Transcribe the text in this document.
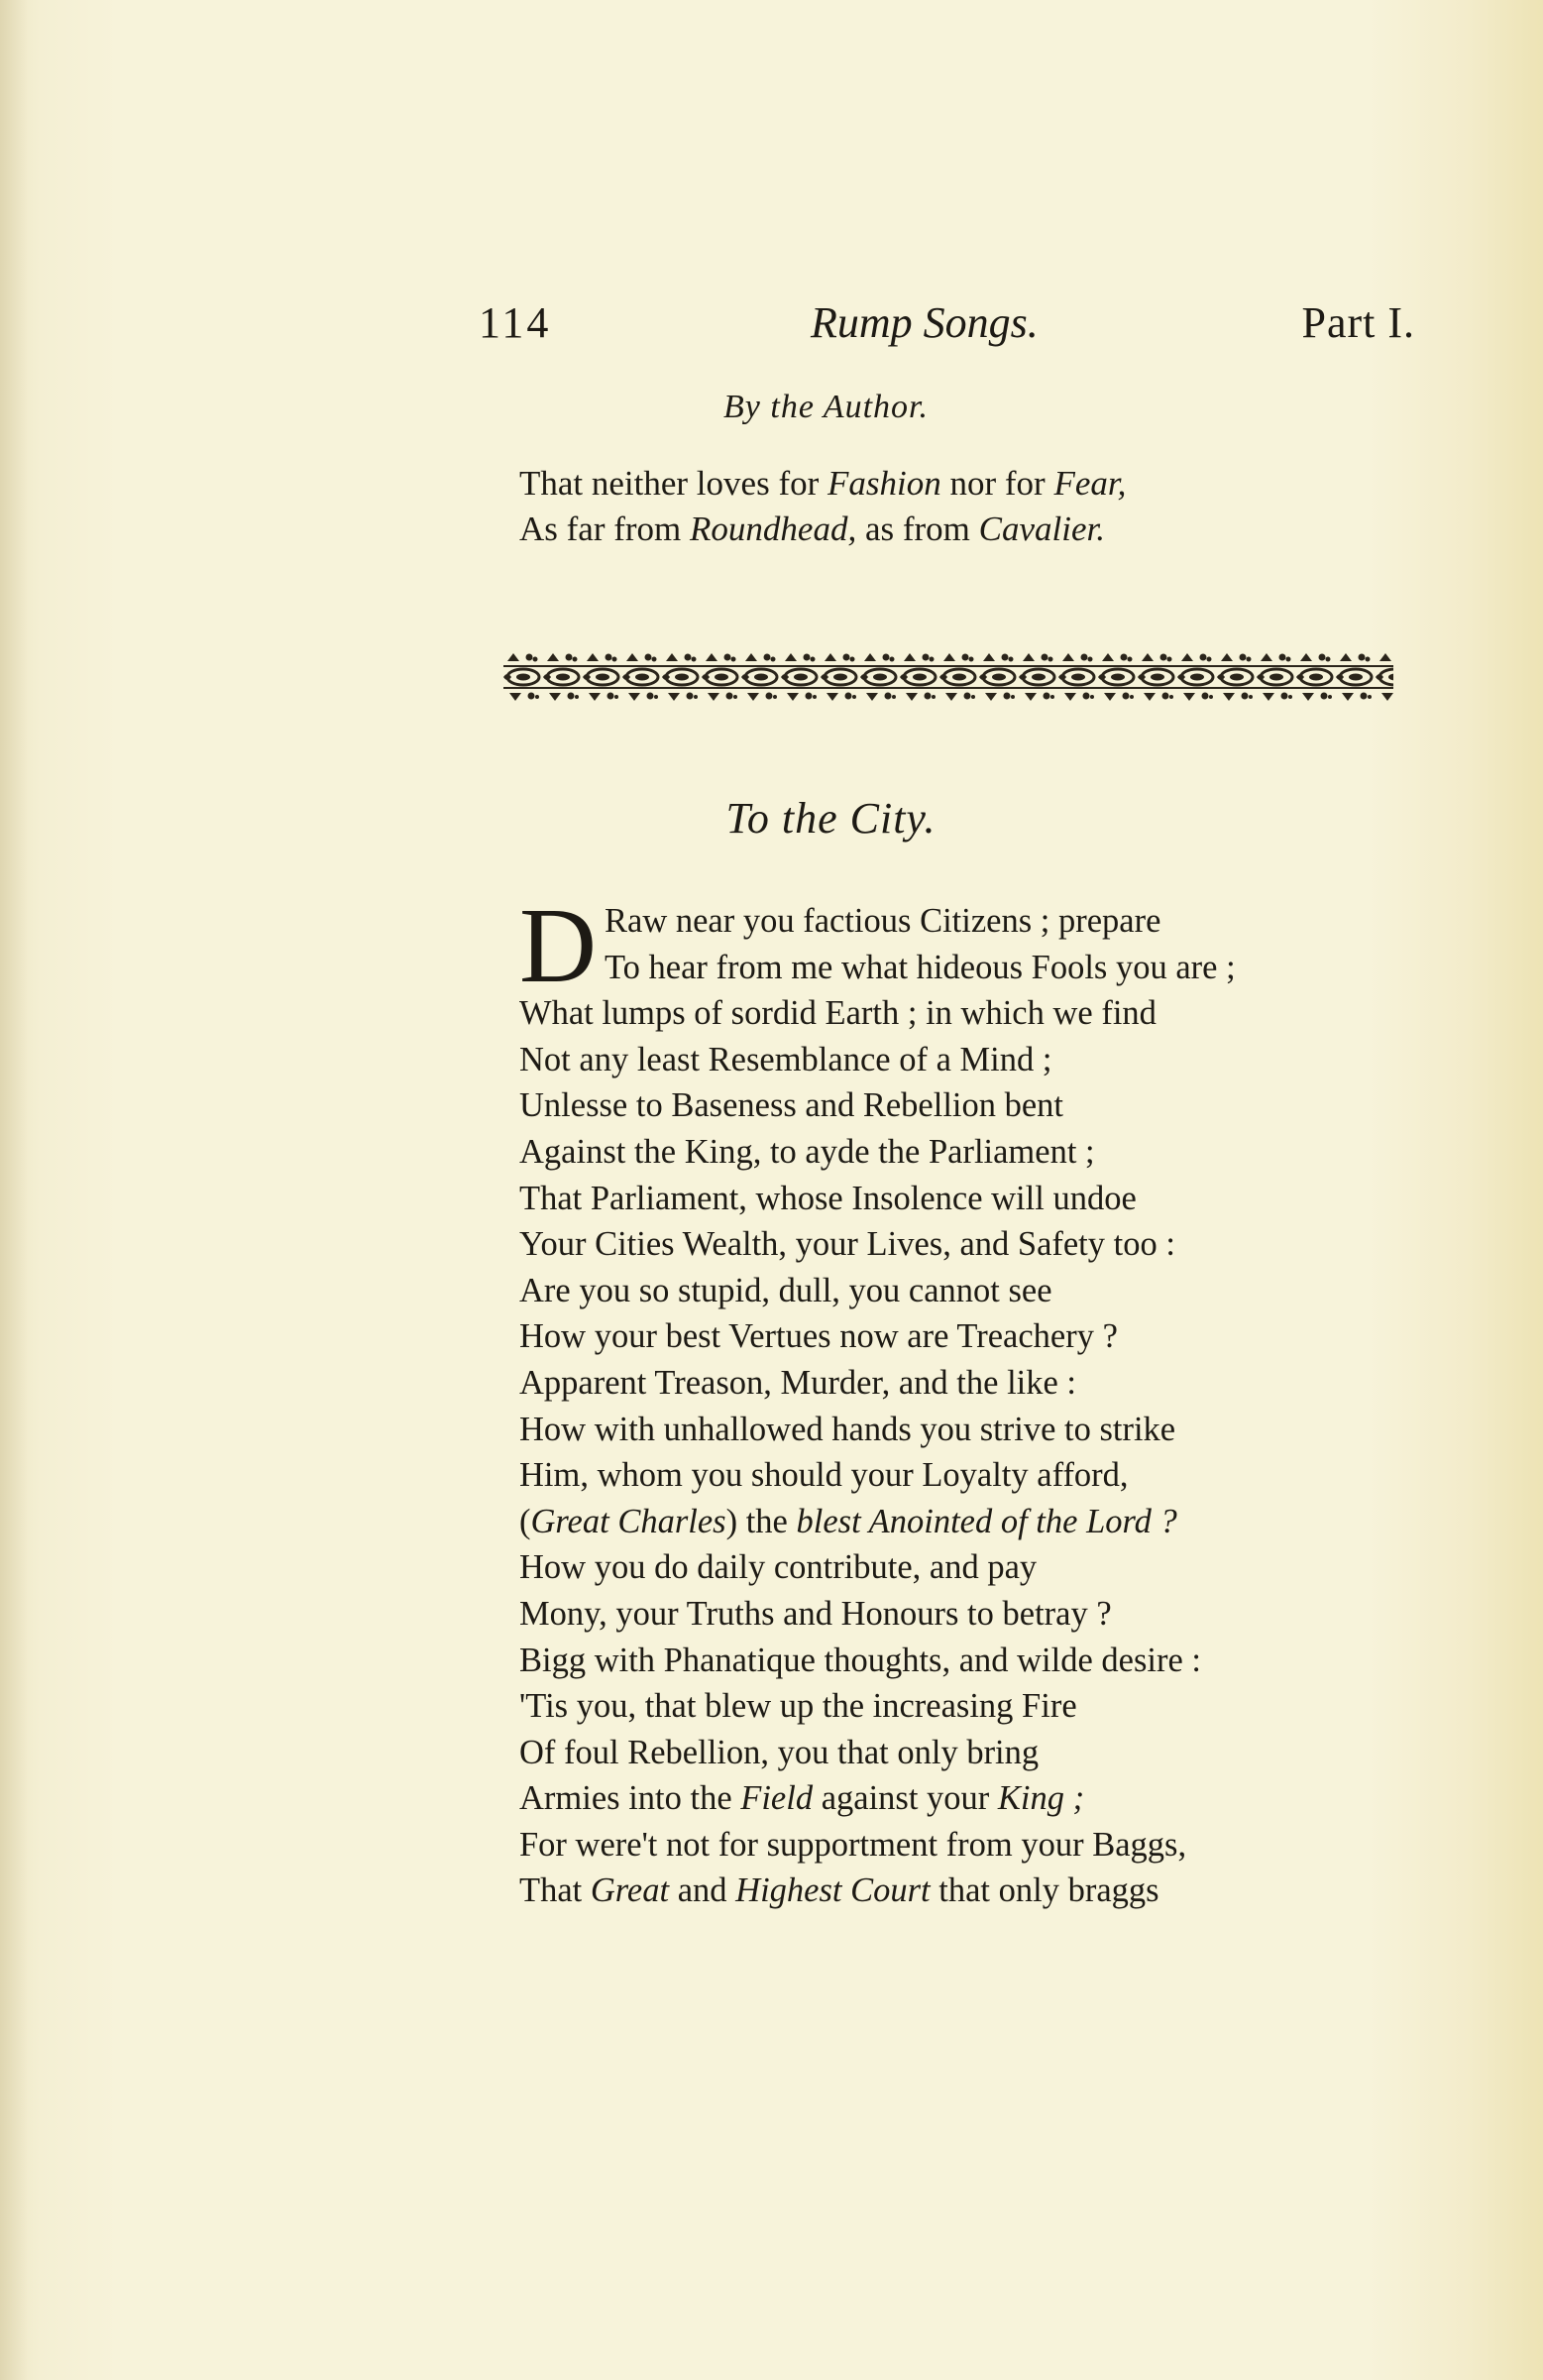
114	Rump Songs.	Part I.
By the Author.
That neither loves for Fashion nor for Fear,
As far from Roundhead, as from Cavalier.
To the City.
D Raw near you factious Citizens ; prepare
To hear from me what hideous Fools you are ;
What lumps of sordid Earth ; in which we find
Not any least Resemblance of a Mind ;
Unlesse to Baseness and Rebellion bent
Against the King, to ayde the Parliament ;
That Parliament, whose Insolence will undoe
Your Cities Wealth, your Lives, and Safety too :
Are you so stupid, dull, you cannot see
How your best Vertues now are Treachery ?
Apparent Treason, Murder, and the like :
How with unhallowed hands you strive to strike
Him, whom you should your Loyalty afford,
(Great Charles) the blest Anointed of the Lord ?
How you do daily contribute, and pay
Mony, your Truths and Honours to betray ?
Bigg with Phanatique thoughts, and wilde desire :
'Tis you, that blew up the increasing Fire
Of foul Rebellion, you that only bring
Armies into the Field against your King ;
For were't not for supportment from your Baggs,
That Great and Highest Court that only braggs
